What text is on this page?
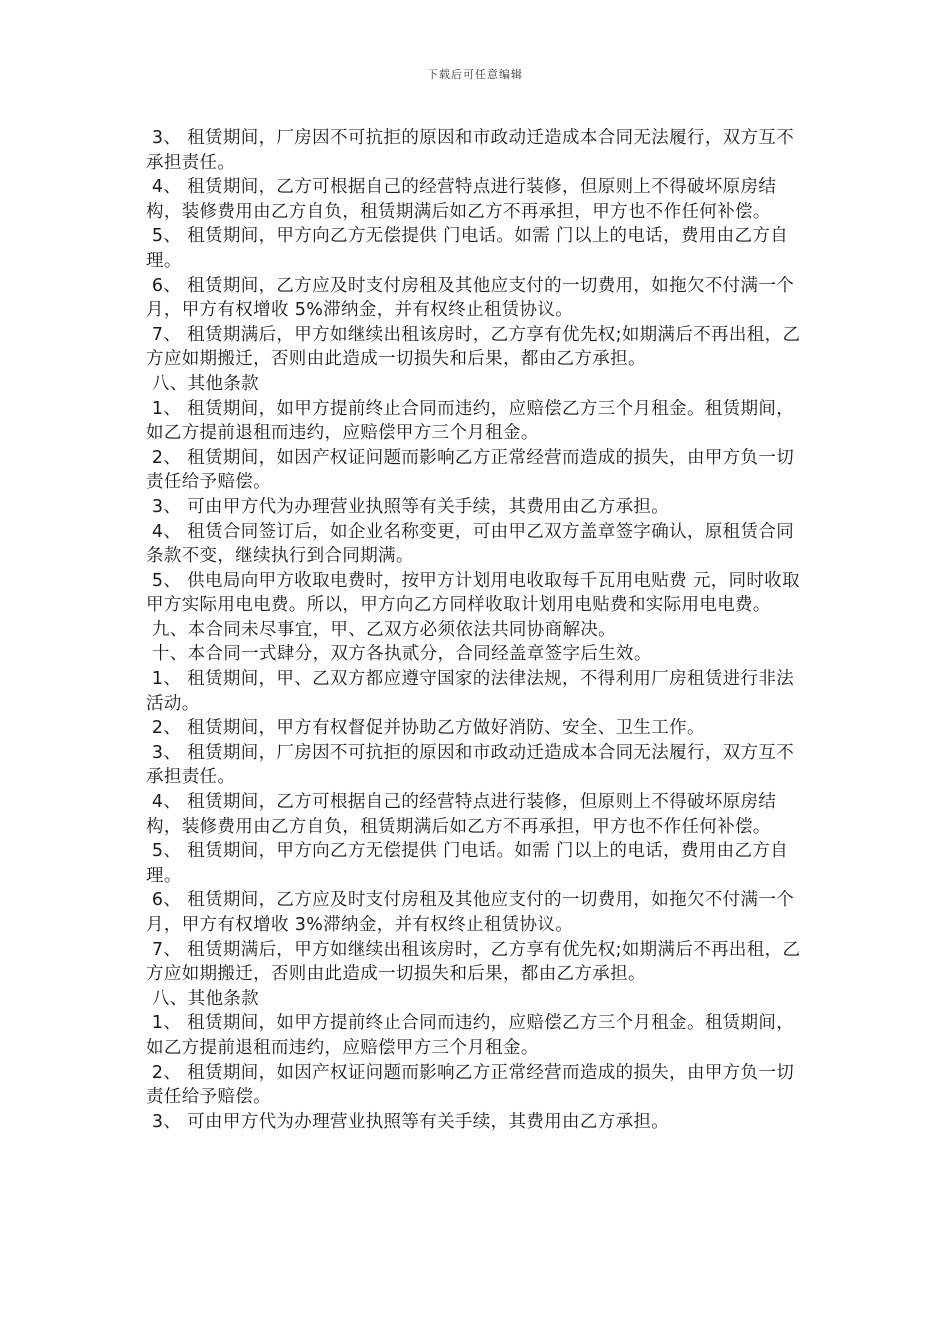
下载后可任意编辑

3、 租赁期间，厂房因不可抗拒的原因和市政动迁造成本合同无法履行，双方互不承担责任。

4、 租赁期间，乙方可根据自己的经营特点进行装修，但原则上不得破坏原房结构，装修费用由乙方自负，租赁期满后如乙方不再承担，甲方也不作任何补偿。

5、 租赁期间，甲方向乙方无偿提供 门电话。如需 门以上的电话，费用由乙方自理。

6、 租赁期间，乙方应及时支付房租及其他应支付的一切费用，如拖欠不付满一个月，甲方有权增收 5%滞纳金，并有权终止租赁协议。

7、 租赁期满后，甲方如继续出租该房时，乙方享有优先权;如期满后不再出租，乙方应如期搬迁，否则由此造成一切损失和后果，都由乙方承担。

八、其他条款

1、 租赁期间，如甲方提前终止合同而违约，应赔偿乙方三个月租金。租赁期间，如乙方提前退租而违约，应赔偿甲方三个月租金。

2、 租赁期间，如因产权证问题而影响乙方正常经营而造成的损失，由甲方负一切责任给予赔偿。

3、 可由甲方代为办理营业执照等有关手续，其费用由乙方承担。

4、 租赁合同签订后，如企业名称变更，可由甲乙双方盖章签字确认，原租赁合同条款不变，继续执行到合同期满。

5、 供电局向甲方收取电费时，按甲方计划用电收取每千瓦用电贴费 元，同时收取甲方实际用电电费。所以，甲方向乙方同样收取计划用电贴费和实际用电电费。

九、本合同未尽事宜，甲、乙双方必须依法共同协商解决。

十、本合同一式肆分，双方各执贰分，合同经盖章签字后生效。

1、 租赁期间，甲、乙双方都应遵守国家的法律法规，不得利用厂房租赁进行非法活动。

2、 租赁期间，甲方有权督促并协助乙方做好消防、安全、卫生工作。

3、 租赁期间，厂房因不可抗拒的原因和市政动迁造成本合同无法履行，双方互不承担责任。

4、 租赁期间，乙方可根据自己的经营特点进行装修，但原则上不得破坏原房结构，装修费用由乙方自负，租赁期满后如乙方不再承担，甲方也不作任何补偿。

5、 租赁期间，甲方向乙方无偿提供 门电话。如需 门以上的电话，费用由乙方自理。

6、 租赁期间，乙方应及时支付房租及其他应支付的一切费用，如拖欠不付满一个月，甲方有权增收 3%滞纳金，并有权终止租赁协议。

7、 租赁期满后，甲方如继续出租该房时，乙方享有优先权;如期满后不再出租，乙方应如期搬迁，否则由此造成一切损失和后果，都由乙方承担。

八、其他条款

1、 租赁期间，如甲方提前终止合同而违约，应赔偿乙方三个月租金。租赁期间，如乙方提前退租而违约，应赔偿甲方三个月租金。

2、 租赁期间，如因产权证问题而影响乙方正常经营而造成的损失，由甲方负一切责任给予赔偿。

3、 可由甲方代为办理营业执照等有关手续，其费用由乙方承担。
